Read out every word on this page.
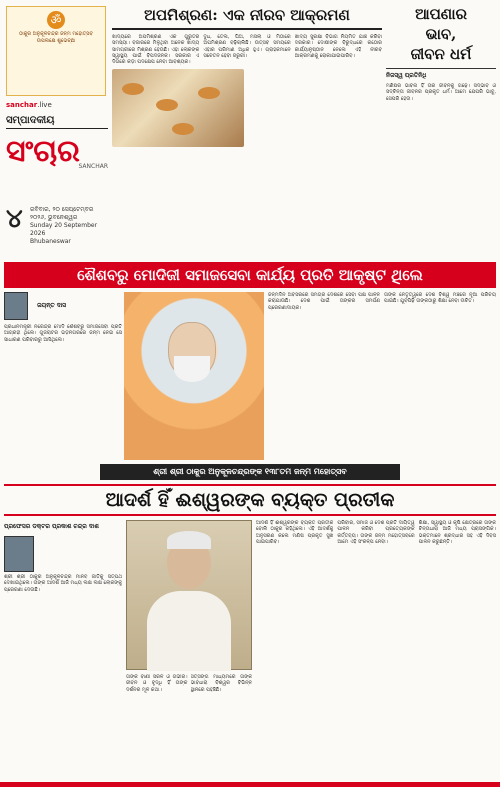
ॐ
ଠାକୁର ଅନୁକୂଳଚନ୍ଦ୍ର ଜନ୍ମ ମହୋତ୍ସବ ଉପଲକ୍ଷେ ଶୁଭେଚ୍ଛା
sanchar.live
ସମ୍ପାଦକୀୟ
ସଂଚାର
SANCHAR
୪ ରବିବାର, ୨୦ ସେପ୍ଟେମ୍ବର
୨୦୨୬, ଭୁବନେଶ୍ୱର
Sunday 20 September 2026
Bhubaneswar
ଅପମିଶ୍ରଣ: ଏକ ନୀରବ ଆକ୍ରମଣ
ଖାଦ୍ୟରେ ଅପମିଶ୍ରଣ ଏକ ଗୁରୁତର ସମସ୍ୟା। ବଜାରରେ ମିଳୁଥିବା ଅନେକ ଖାଦ୍ୟ ସାମଗ୍ରୀରେ ମିଶ୍ରଣ ହେଉଛି। ଏହା ଲୋକଙ୍କ ସ୍ୱାସ୍ଥ୍ୟ ପାଇଁ ବିପଦଜନକ। ସରକାର ଏ ଦିଗରେ କଡ଼ା ପଦକ୍ଷେପ ନେବା ଆବଶ୍ୟକ।
ଦୁଧ, ତେଲ, ଘିଅ, ମସଲା ଓ ମିଠାରେ ଅପମିଶ୍ରଣ ବଢ଼ିଚାଲିଛି। ଉତ୍ସବ ସମୟରେ ଏହାର ପରିମାଣ ଅଧିକ ହୁଏ। ଗ୍ରାହକମାନେ ସଚେତନ ହେବା ଜରୁରୀ।
ଖାଦ୍ୟ ସୁରକ୍ଷା ବିଭାଗ ନିୟମିତ ଯାଞ୍ଚ କରିବା ଦରକାର। ଦୋଷୀଙ୍କ ବିରୁଦ୍ଧରେ କଠୋର କାର୍ଯ୍ୟାନୁଷ୍ଠାନ ନେଲେ ଏହି ନୀରବ ଆକ୍ରମଣକୁ ରୋକାଯାଇପାରିବ।
ଆପଣାର
ଭାବ,
ଜୀବନ ଧର୍ମ
ନିଜସ୍ୱ ପ୍ରତିନିଧି
ମଣିଷର ଭାବନା ହିଁ ତାର ଜୀବନକୁ ଗଢ଼େ। ସଦ୍‌ଭାବ ଓ ସଦ୍‌ଚିନ୍ତା ଜୀବନର ପ୍ରକୃତ ଧର୍ମ। ଆମେ ଯେପରି ଭାବୁ, ସେପରି ହେଉ।
ଶୈଶବରୁ ମୋଦିଜୀ ସମାଜସେବା କାର୍ଯ୍ୟ ପ୍ରତି ଆକୃଷ୍ଟ ଥିଲେ
ଜୟନ୍ତ ଦାସ
ପ୍ରଧାନମନ୍ତ୍ରୀ ନରେନ୍ଦ୍ର ମୋଦି ଶୈଶବରୁ ସମାଜସେବା ପ୍ରତି ଆଗ୍ରହୀ ଥିଲେ। ଗୁଜରାଟର ଭଡ଼ନଗରରେ ଜନ୍ମ ନେଇ ସେ ସାଧାରଣ ପରିବାରରୁ ଆସିଥିଲେ।
ଜନ୍ମଦିନ ଅବସରରେ ସମଗ୍ର ଦେଶରେ ସେବା ପକ୍ଷ ପାଳନ କରାଯାଉଛି। ଦେଶ ପାଇଁ ତାଙ୍କର ସମର୍ପଣ ପ୍ରେରଣାଦାୟକ।
ତାଙ୍କ ନେତୃତ୍ୱରେ ଦେଶ ବିଶ୍ୱ ମଞ୍ଚରେ ନୂଆ ପରିଚୟ ପାଇଛି। ଯୁବପିଢ଼ି ତାଙ୍କଠାରୁ ଶିକ୍ଷା ନେବା ଉଚିତ।
ଶ୍ରୀ ଶ୍ରୀ ଠାକୁର ଅନୁକୂଳଚନ୍ଦ୍ରଙ୍କ ୧୩୮ତମ ଜନ୍ମ ମହୋତ୍ସବ
ଆଦର୍ଶ ହିଁ ଈଶ୍ୱରଙ୍କ ବ୍ୟକ୍ତ ପ୍ରତୀକ
ପ୍ରଫେସର ଡକ୍ଟର ପ୍ରକାଶ ଚନ୍ଦ୍ର ଦାଶ
ଶ୍ରୀ ଶ୍ରୀ ଠାକୁର ଅନୁକୂଳଚନ୍ଦ୍ର ମାନବ ଜାତିକୁ ସତ୍‌ପଥ ଦେଖାଇଥିଲେ। ତାଙ୍କ ଆଦର୍ଶ ଆଜି ମଧ୍ୟ ଲକ୍ଷ ଲକ୍ଷ ଲୋକଙ୍କୁ ପ୍ରେରଣା ଦେଉଛି।
ତାଙ୍କ ବାଣୀ ସରଳ ଓ ଗଭୀର। ଜୀବନ ଓ ବୃଦ୍ଧି ହିଁ ତାଙ୍କ ଦର୍ଶନର ମୂଳ କଥା।
ସତ୍‌ସଙ୍ଗ ମାଧ୍ୟମରେ ତାଙ୍କ ଭାବଧାରା ବିଶ୍ୱର ବିଭିନ୍ନ ସ୍ଥାନରେ ପହଞ୍ଚିଛି।
ଆଦର୍ଶ ହିଁ ଈଶ୍ୱରଙ୍କ ବ୍ୟକ୍ତ ପ୍ରତୀକ ବୋଲି ଠାକୁର କହିଥିଲେ। ଏହି ଆଦର୍ଶକୁ ଅନୁସରଣ କଲେ ମଣିଷ ପ୍ରକୃତ ସୁଖ ପାଇପାରିବ।
ପରିବାର, ସମାଜ ଓ ଦେଶ ପ୍ରତି ଦାୟିତ୍ୱ ପାଳନ କରିବା ପ୍ରତ୍ୟେକଙ୍କ କର୍ତ୍ତବ୍ୟ। ତାଙ୍କ ଜନ୍ମ ମହୋତ୍ସବରେ ଆମେ ଏହି ସଂକଳ୍ପ ନେବା।
ଶିକ୍ଷା, ସ୍ୱାସ୍ଥ୍ୟ ଓ କୃଷି କ୍ଷେତ୍ରରେ ତାଙ୍କ ଚିନ୍ତାଧାରା ଆଜି ମଧ୍ୟ ପ୍ରାସଙ୍ଗିକ। ଭକ୍ତମାନେ ଶ୍ରଦ୍ଧାର ସହ ଏହି ଦିବସ ପାଳନ କରୁଛନ୍ତି।
